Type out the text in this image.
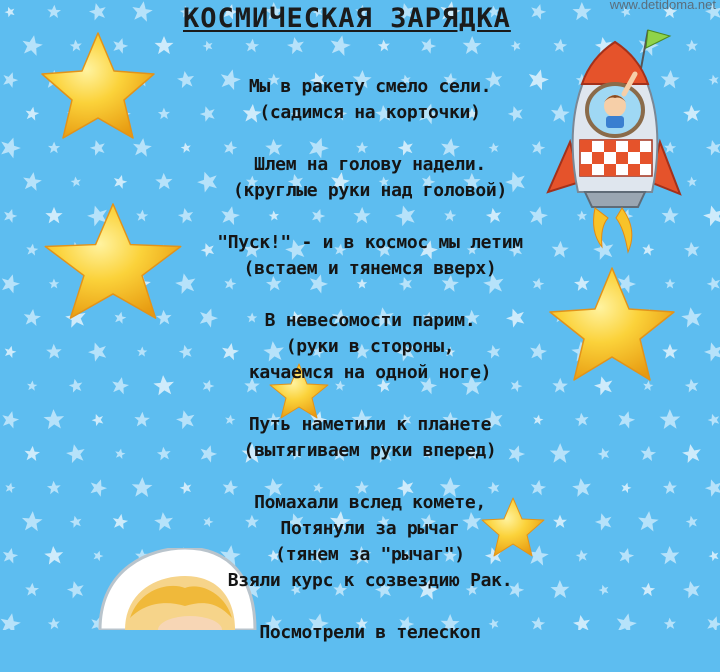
www.detidoma.net
КОСМИЧЕСКАЯ ЗАРЯДКА
Мы в ракету смело сели.
(садимся на корточки)
Шлем на голову надели.
(круглые руки над головой)
"Пуск!" - и в космос мы летим
(встаем и тянемся вверх)
В невесомости парим.
(руки в стороны,
качаемся на одной ноге)
Путь наметили к планете
(вытягиваем руки вперед)
Помахали вслед комете,
Потянули за рычаг
(тянем за "рычаг")
Взяли курс к созвездию Рак.
Посмотрели в телескоп
